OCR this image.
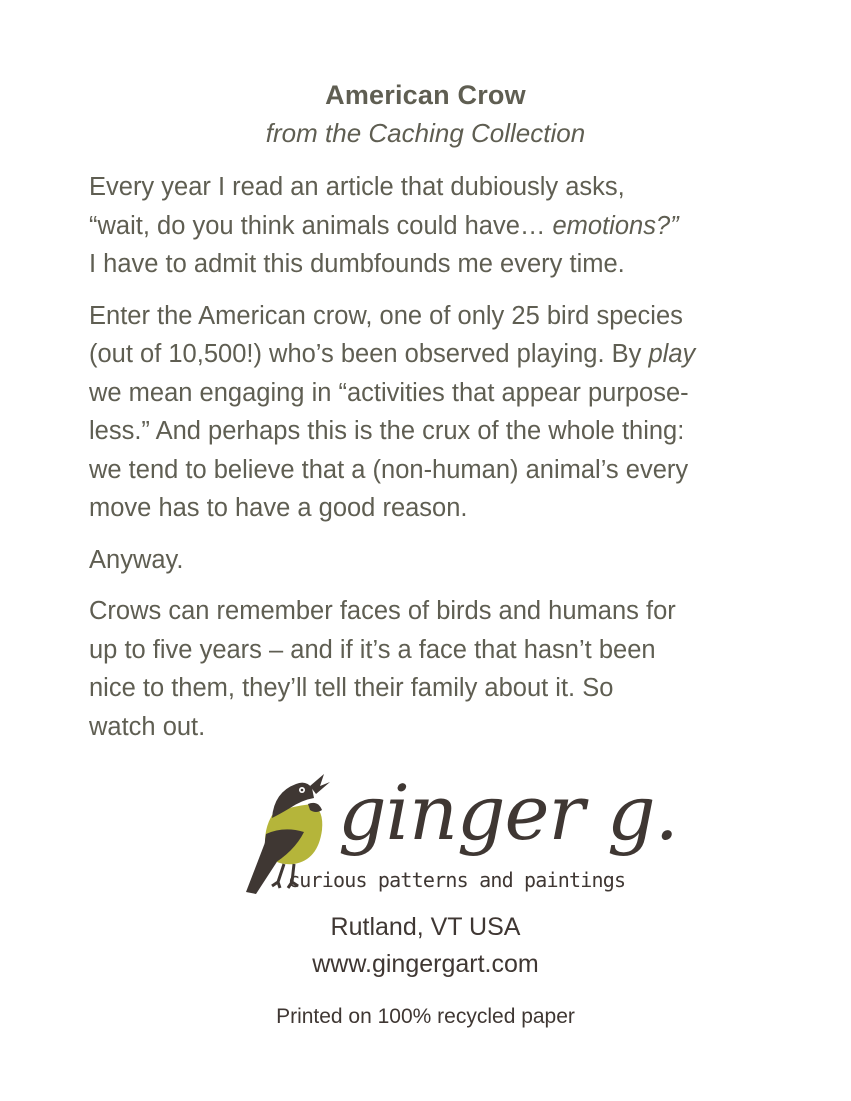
American Crow
from the Caching Collection

Every year I read an article that dubiously asks,
“wait, do you think animals could have… emotions?”
I have to admit this dumbfounds me every time.

Enter the American crow, one of only 25 bird species
(out of 10,500!) who’s been observed playing. By play
we mean engaging in “activities that appear purpose-
less.” And perhaps this is the crux of the whole thing:
we tend to believe that a (non-human) animal’s every
move has to have a good reason.

Anyway.

Crows can remember faces of birds and humans for
up to five years – and if it’s a face that hasn’t been
nice to them, they’ll tell their family about it. So
watch out.

ginger g.
curious patterns and paintings
Rutland, VT USA
www.gingergart.com
Printed on 100% recycled paper
